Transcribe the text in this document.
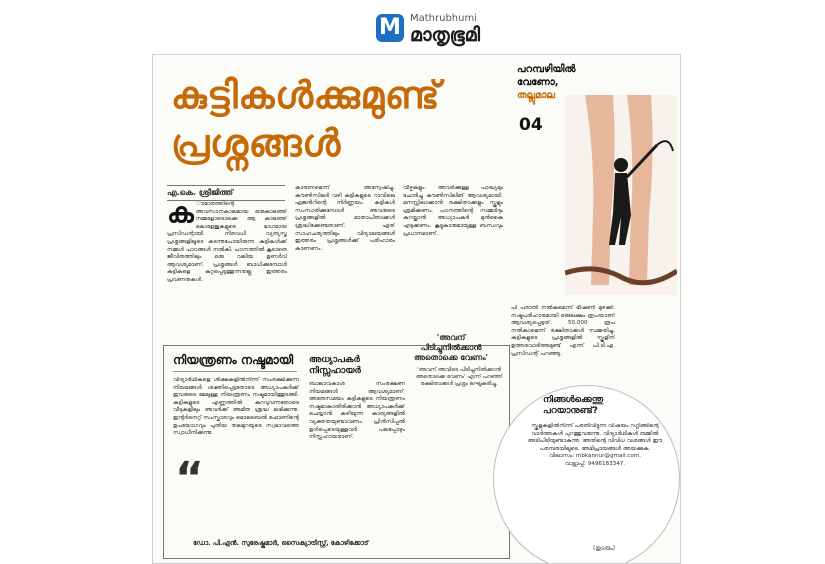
M Mathrubhumi
മാതൃഭൂമി
കുട്ടികൾക്കുമുണ്ട്
പ്രശ്നങ്ങൾ
പറമ്പഴിയിൽ
വേണോ,
തല്ലുമാല
04
എ.കെ. ശ്രീജിത്ത്
ക ൗമാരത്തിന്റെ അവസാനകാലമായ ഒരുകാലത്ത് നമ്മളോടൊക്കെ ആ കാലത്ത് കോളേജുകളുടെ ഭാഗമായ പ്രസിഡന്റായി. നിരവധി വ്യത്യസ്ത പ്രശ്നങ്ങളിലൂടെ കടന്നുപോയിരുന്ന കുട്ടികൾക്ക് നമ്മൾ പാഠങ്ങൾ നൽകി. പഠനത്തിൽ കൂടാതെ ജീവിതത്തിലും ഒരു വലിയ ഉണർവ് ആവശ്യമാണ്. പ്രശ്നങ്ങൾ ബാധിക്കുമ്പോൾ കുട്ടികളെ കുറ്റപ്പെടുത്തുന്നതല്ല ഇത്തരം പ്രവണതകൾ.
കാരണമെന്ന് അന്വേഷിച്ചു. കൗൺസിലർ വഴി കുട്ടികളുടെ റാവിലെ ഏജൻറിന്റെ നിർണ്ണയം. കുട്ടികൾ സംസാരിക്കുമ്പോൾ അവരുടെ പ്രശ്നങ്ങളിൽ മാതാപിതാക്കൾ ശ്രദ്ധിക്കേണ്ടതാണ്. ഏത് സാഹചര്യത്തിലും വിദ്യാലയങ്ങൾ ഇത്തരം പ്രശ്നങ്ങൾക്ക് പരിഹാരം കാണണം.
വീഴ്ചകളും. അവർക്കുള്ള പാദ്ധ്യമും ചോദിച്ചു കൗൺസിലിങ് ആവശ്യമായി. മനസ്സിലാക്കാൻ രക്ഷിതാക്കളും സ്കൂളും ശ്രമിക്കണം. പഠനത്തിന്റെ സമ്മർദ്ദം കുറയ്ക്കാൻ അധ്യാപകർ മുൻകൈ എടുക്കണം. കൂട്ടുകാരുമായുള്ള ബന്ധവും പ്രധാനമാണ്.
പി പരാതി നൽകുമെന്ന് ഭീഷണി മുഴക്കി. നഷ്ടപരിഹാരമായി ഒരുലക്ഷം രൂപയാണ് ആവശ്യപ്പെട്ടത്. 50,000 രൂപ നൽകാമെന്ന് രക്ഷിതാക്കൾ സമ്മതിച്ചു. കുട്ടികളുടെ പ്രശ്നങ്ങളിൽ സ്കൂളിന് ഉത്തരവാദിത്തമുണ്ട് എന്ന് പി.ടി.എ. പ്രസിഡന്റ് പറഞ്ഞു.
നിയന്ത്രണം നഷ്ടമായി
വിദ്യാർഥികളെ ശിക്ഷകളിൽനിന്ന് സംരക്ഷിക്കുന്ന നിയമങ്ങൾ ശക്തിപ്പെട്ടതോടെ അധ്യാപകർക്ക് ഇവരുടെ മേലുള്ള നിയന്ത്രണം നഷ്ടമായിത്തുടങ്ങി. കുട്ടികളുടെ എണ്ണത്തിൽ കുറവുവന്നതോടെ വീടുകളിലും അവർക്ക് അമിത ശ്രദ്ധ ലഭിക്കുന്നു. ഇന്റർനെറ്റ് സംസ്കാരവും മൊബൈൽ ഫോണിന്റെ ഉപയോഗവും പുതിയ തലമുറയുടെ സ്വഭാവത്തെ സ്വാധീനിക്കുന്നു.
“
ഡോ. പി.എൻ. സുരേഷ്കുമാർ, സൈക്യാട്രിസ്റ്റ്, കോഴിക്കോട്
അധ്യാപകർ
നിസ്സഹായർ
ബാലാവകാശ സംരക്ഷണ നിയമങ്ങൾ ആവശ്യമാണ്. അതേസമയം കുട്ടികളുടെ നിയന്ത്രണം നഷ്ടമാകാതിരിക്കാൻ അധ്യാപകർക്ക് ചെയ്യാൻ കഴിയുന്ന കാര്യങ്ങളിൽ വ്യക്തതയുണ്ടാവണം. പ്രിൻസിപ്പൽ ഉൾപ്പെടെയുള്ളവർ പലപ്പോഴും നിസ്സഹായരാണ്.
'അവന്
പിടിച്ചുനിൽക്കാൻ
അതൊക്കെ വേണം'
'അവന് അവിടെ പിടിച്ചുനിൽക്കാൻ അതൊക്കെ വേണം' എന്ന് പറഞ്ഞ് രക്ഷിതാക്കൾ പ്രശ്നം ലഘൂകരിച്ചു.
നിങ്ങൾക്കെന്തു
പറയാനുണ്ട്?
സ്കൂളുകളിൽനിന്ന് പരതിവിട്ടുന്ന വിഷയം റഗ്ഗിങ്ങിന്റെ വാർത്തകൾ പുറത്തുവരുന്നു. വിദ്യാർഥികൾ തമ്മിൽ അടിപിടിയുണ്ടാകുന്നു. അതിന്റെ വിവിധ വശങ്ങൾ ഈ പരമ്പരയിലൂടെ. അഭിപ്രായങ്ങൾ അയക്കുക.
വിലാസം: mbkannur@gmail.com.
വാട്സാപ്പ്: 9496183347.
(തുടരും)
